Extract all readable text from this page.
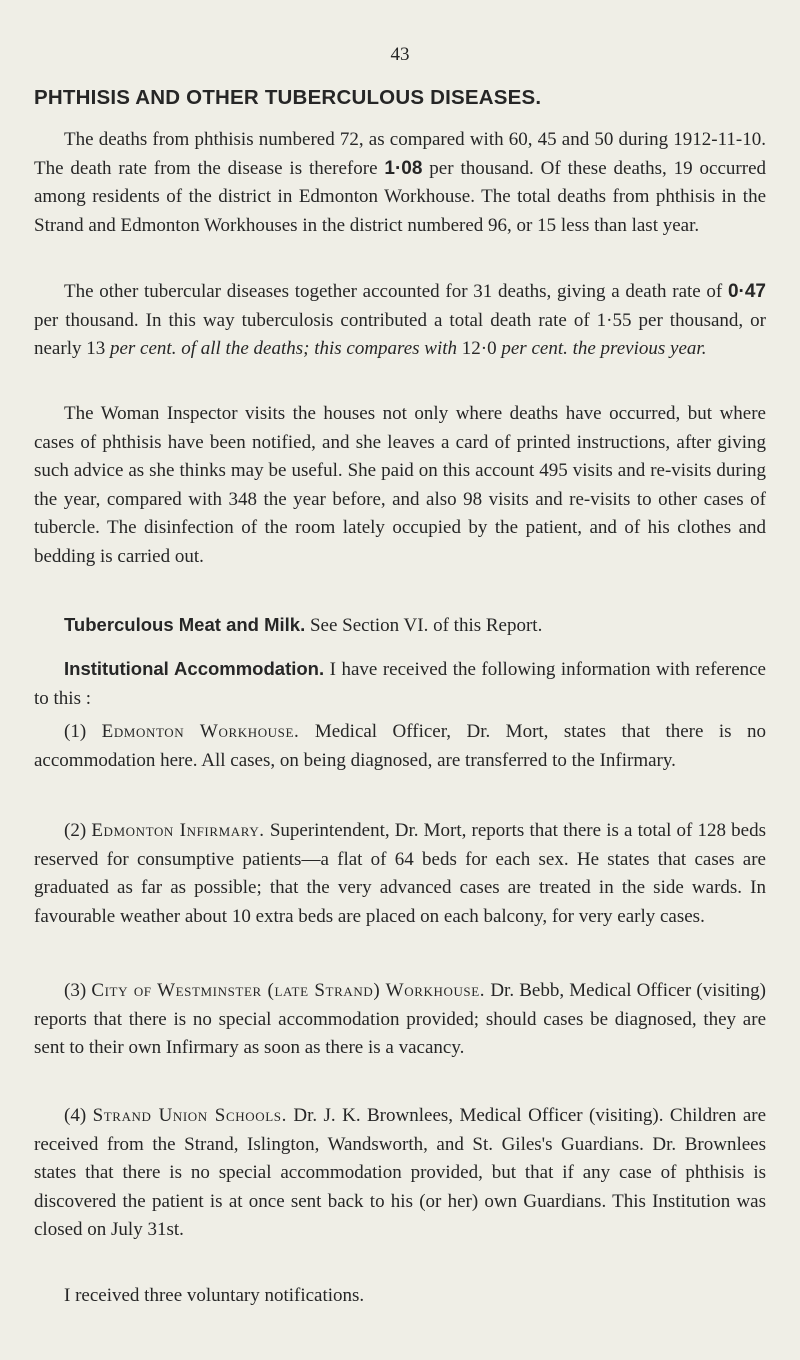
43
PHTHISIS AND OTHER TUBERCULOUS DISEASES.

The deaths from phthisis numbered 72, as compared with 60, 45 and 50 during 1912-11-10. The death rate from the disease is therefore 1·08 per thousand. Of these deaths, 19 occurred among residents of the district in Edmonton Workhouse. The total deaths from phthisis in the Strand and Edmonton Workhouses in the district numbered 96, or 15 less than last year.

The other tubercular diseases together accounted for 31 deaths, giving a death rate of 0·47 per thousand. In this way tuberculosis contributed a total death rate of 1·55 per thousand, or nearly 13 per cent. of all the deaths; this compares with 12·0 per cent. the previous year.

The Woman Inspector visits the houses not only where deaths have occurred, but where cases of phthisis have been notified, and she leaves a card of printed instructions, after giving such advice as she thinks may be useful. She paid on this account 495 visits and re-visits during the year, compared with 348 the year before, and also 98 visits and re-visits to other cases of tubercle. The disinfection of the room lately occupied by the patient, and of his clothes and bedding is carried out.

Tuberculous Meat and Milk. See Section VI. of this Report.

Institutional Accommodation. I have received the following information with reference to this :

(1) Edmonton Workhouse. Medical Officer, Dr. Mort, states that there is no accommodation here. All cases, on being diagnosed, are transferred to the Infirmary.

(2) Edmonton Infirmary. Superintendent, Dr. Mort, reports that there is a total of 128 beds reserved for consumptive patients—a flat of 64 beds for each sex. He states that cases are graduated as far as possible; that the very advanced cases are treated in the side wards. In favourable weather about 10 extra beds are placed on each balcony, for very early cases.

(3) City of Westminster (late Strand) Workhouse. Dr. Bebb, Medical Officer (visiting) reports that there is no special accommodation provided; should cases be diagnosed, they are sent to their own Infirmary as soon as there is a vacancy.

(4) Strand Union Schools. Dr. J. K. Brownlees, Medical Officer (visiting). Children are received from the Strand, Islington, Wandsworth, and St. Giles's Guardians. Dr. Brownlees states that there is no special accommodation provided, but that if any case of phthisis is discovered the patient is at once sent back to his (or her) own Guardians. This Institution was closed on July 31st.

I received three voluntary notifications.
